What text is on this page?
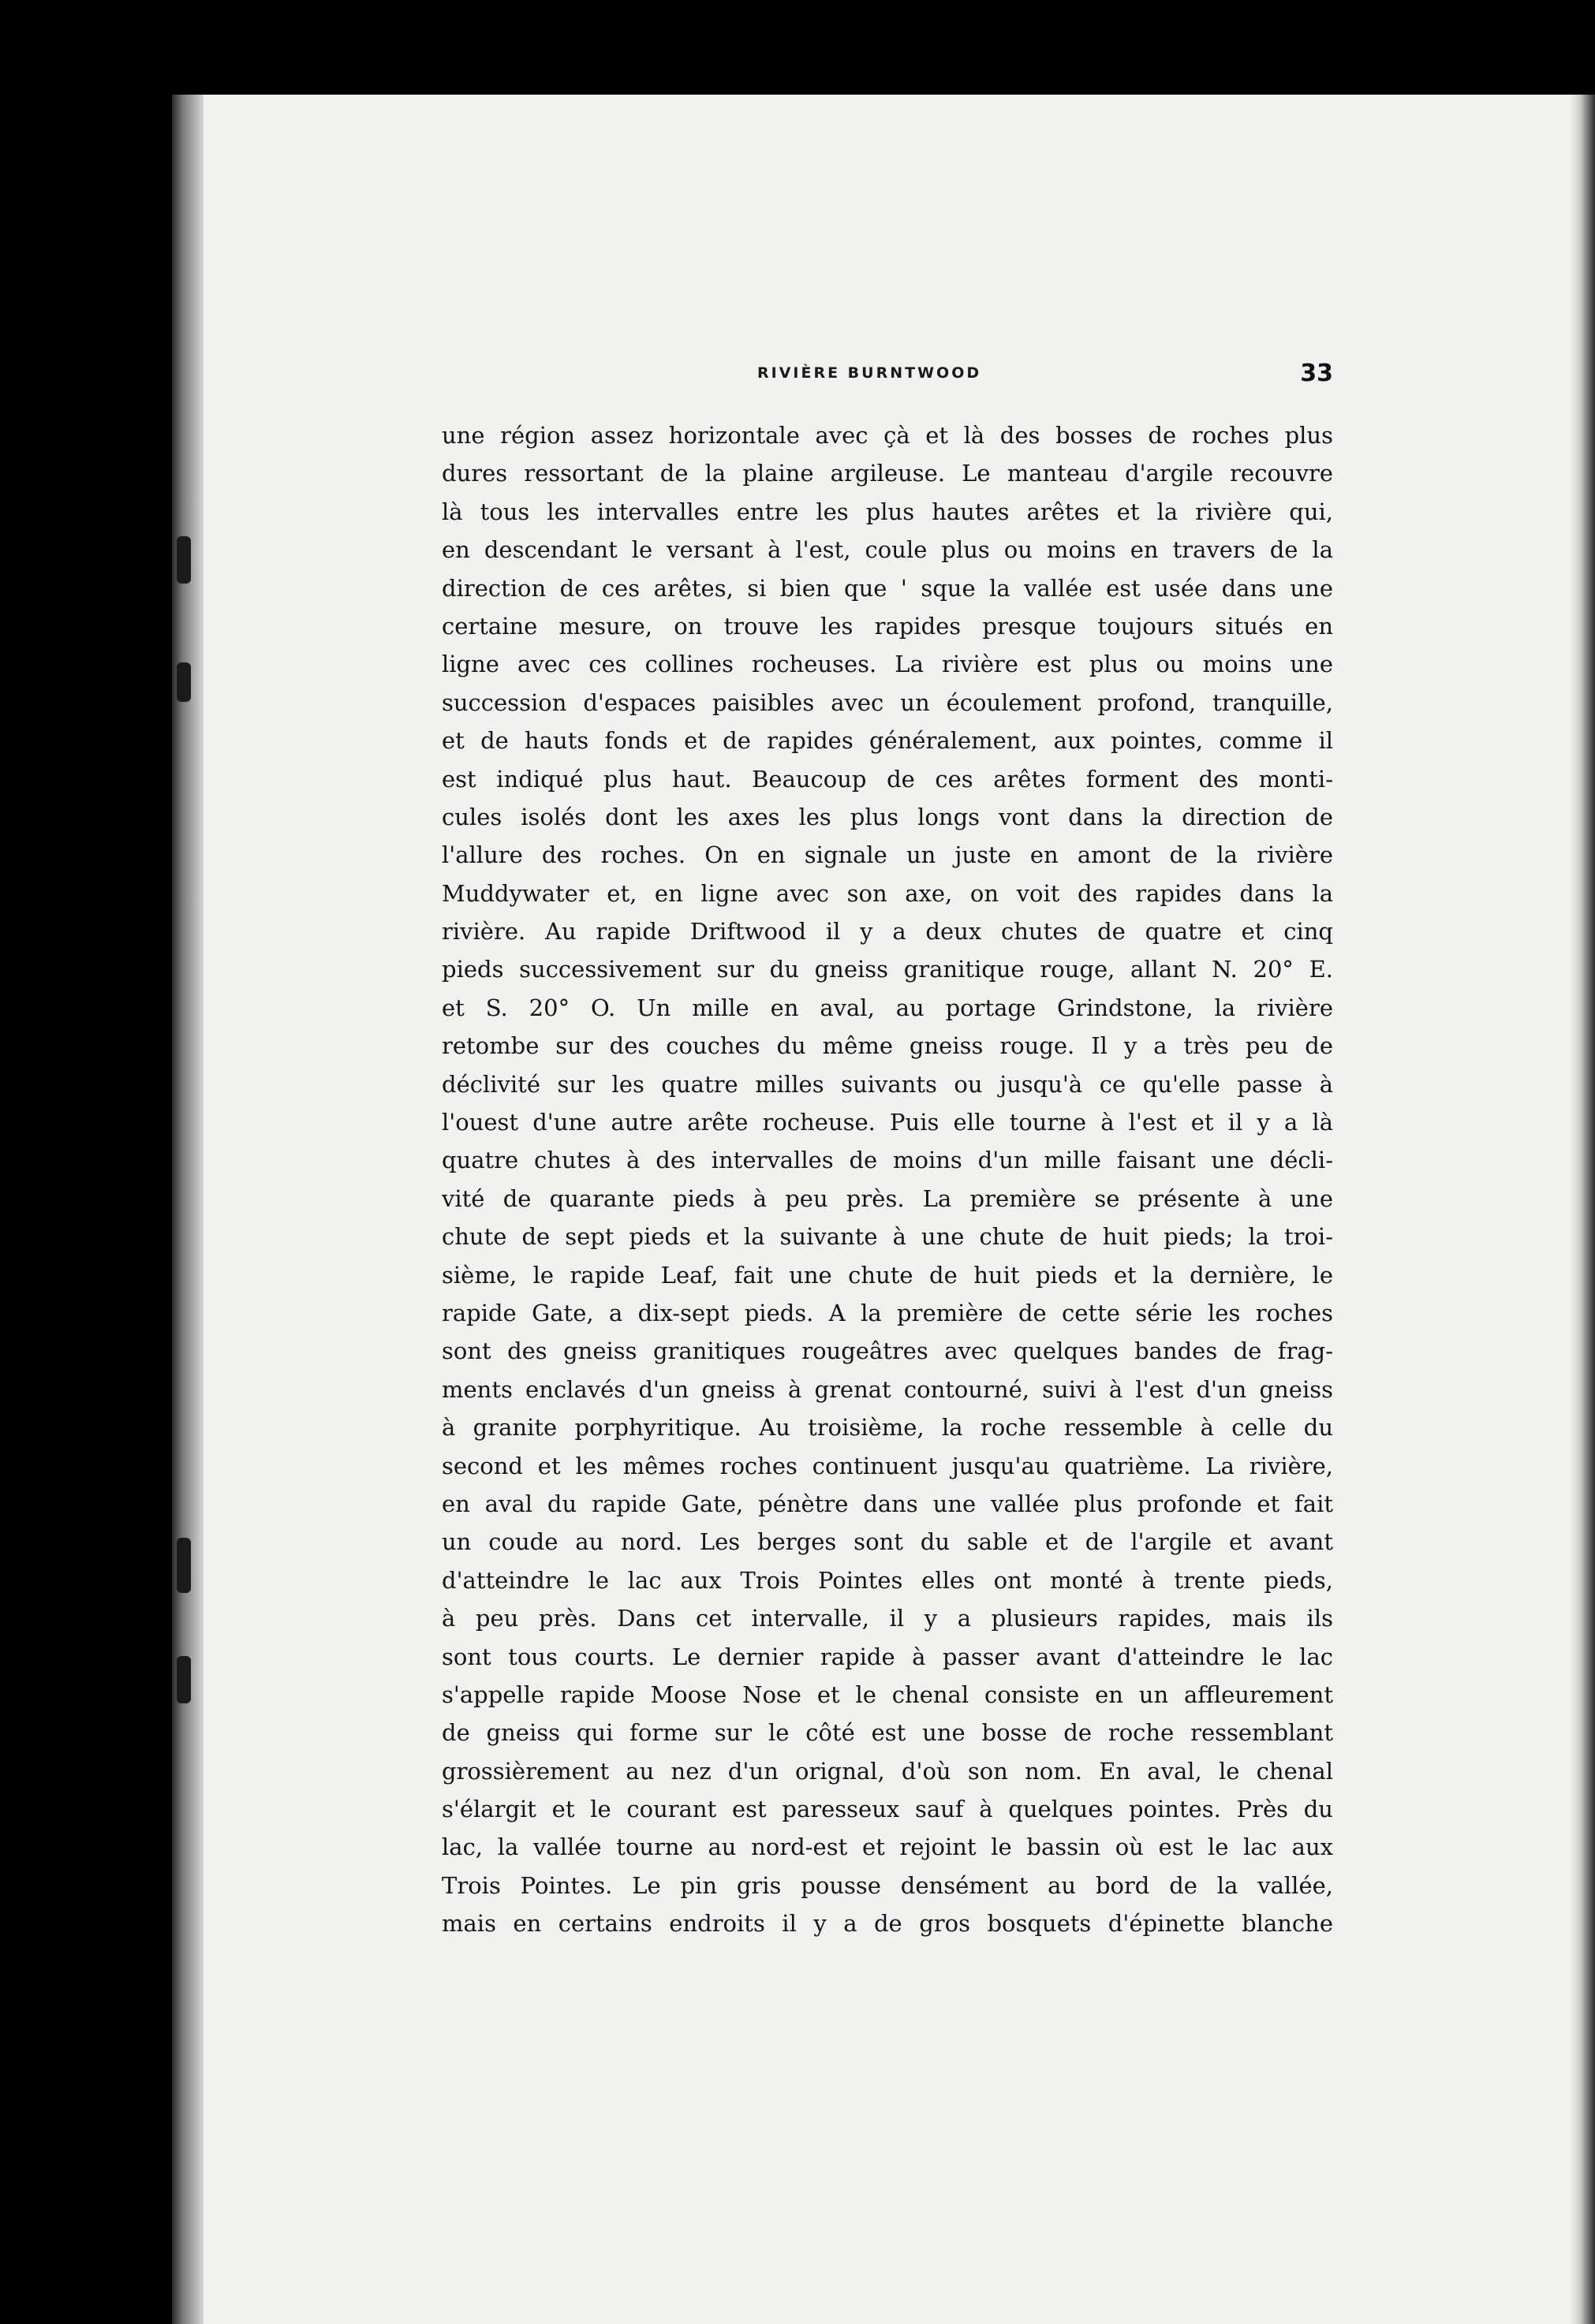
RIVIÈRE BURNTWOOD	33
une région assez horizontale avec çà et là des bosses de roches plus
dures ressortant de la plaine argileuse. Le manteau d'argile recouvre
là tous les intervalles entre les plus hautes arêtes et la rivière qui,
en descendant le versant à l'est, coule plus ou moins en travers de la
direction de ces arêtes, si bien que ' sque la vallée est usée dans une
certaine mesure, on trouve les rapides presque toujours situés en
ligne avec ces collines rocheuses. La rivière est plus ou moins une
succession d'espaces paisibles avec un écoulement profond, tranquille,
et de hauts fonds et de rapides généralement, aux pointes, comme il
est indiqué plus haut. Beaucoup de ces arêtes forment des monti-
cules isolés dont les axes les plus longs vont dans la direction de
l'allure des roches. On en signale un juste en amont de la rivière
Muddywater et, en ligne avec son axe, on voit des rapides dans la
rivière. Au rapide Driftwood il y a deux chutes de quatre et cinq
pieds successivement sur du gneiss granitique rouge, allant N. 20° E.
et S. 20° O. Un mille en aval, au portage Grindstone, la rivière
retombe sur des couches du même gneiss rouge. Il y a très peu de
déclivité sur les quatre milles suivants ou jusqu'à ce qu'elle passe à
l'ouest d'une autre arête rocheuse. Puis elle tourne à l'est et il y a là
quatre chutes à des intervalles de moins d'un mille faisant une décli-
vité de quarante pieds à peu près. La première se présente à une
chute de sept pieds et la suivante à une chute de huit pieds; la troi-
sième, le rapide Leaf, fait une chute de huit pieds et la dernière, le
rapide Gate, a dix-sept pieds. A la première de cette série les roches
sont des gneiss granitiques rougeâtres avec quelques bandes de frag-
ments enclavés d'un gneiss à grenat contourné, suivi à l'est d'un gneiss
à granite porphyritique. Au troisième, la roche ressemble à celle du
second et les mêmes roches continuent jusqu'au quatrième. La rivière,
en aval du rapide Gate, pénètre dans une vallée plus profonde et fait
un coude au nord. Les berges sont du sable et de l'argile et avant
d'atteindre le lac aux Trois Pointes elles ont monté à trente pieds,
à peu près. Dans cet intervalle, il y a plusieurs rapides, mais ils
sont tous courts. Le dernier rapide à passer avant d'atteindre le lac
s'appelle rapide Moose Nose et le chenal consiste en un affleurement
de gneiss qui forme sur le côté est une bosse de roche ressemblant
grossièrement au nez d'un orignal, d'où son nom. En aval, le chenal
s'élargit et le courant est paresseux sauf à quelques pointes. Près du
lac, la vallée tourne au nord-est et rejoint le bassin où est le lac aux
Trois Pointes. Le pin gris pousse densément au bord de la vallée,
mais en certains endroits il y a de gros bosquets d'épinette blanche
